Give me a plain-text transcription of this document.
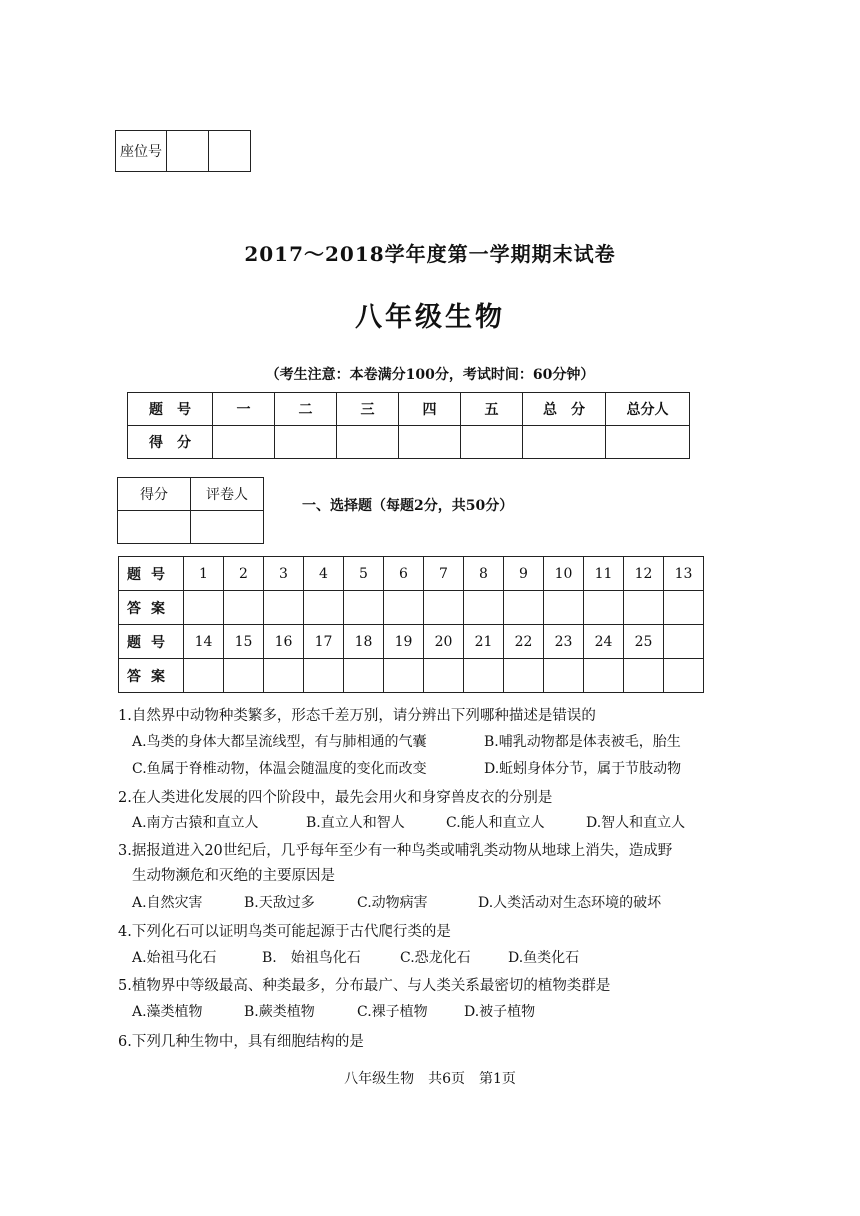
座位号		
2017～2018学年度第一学期期末试卷
八年级生物
（考生注意：本卷满分100分，考试时间：60分钟）
题　号	一	二	三	四	五	总　分	总分人
得　分							
得分	评卷人

一、选择题（每题2分，共50分）
题号	1	2	3	4	5	6	7	8	9	10	11	12	13
答案													
题号	14	15	16	17	18	19	20	21	22	23	24	25	
答案													
1.自然界中动物种类繁多，形态千差万别，请分辨出下列哪种描述是错误的
A.鸟类的身体大都呈流线型，有与肺相通的气囊	B.哺乳动物都是体表被毛，胎生
C.鱼属于脊椎动物，体温会随温度的变化而改变	D.蚯蚓身体分节，属于节肢动物
2.在人类进化发展的四个阶段中，最先会用火和身穿兽皮衣的分别是
A.南方古猿和直立人	B.直立人和智人	C.能人和直立人	D.智人和直立人
3.据报道进入20世纪后，几乎每年至少有一种鸟类或哺乳类动物从地球上消失，造成野
生动物濒危和灭绝的主要原因是
A.自然灾害	B.天敌过多	C.动物病害	D.人类活动对生态环境的破坏
4.下列化石可以证明鸟类可能起源于古代爬行类的是
A.始祖马化石	B.　始祖鸟化石	C.恐龙化石	D.鱼类化石
5.植物界中等级最高、种类最多，分布最广、与人类关系最密切的植物类群是
A.藻类植物	B.蕨类植物	C.裸子植物	D.被子植物
6.下列几种生物中，具有细胞结构的是
八年级生物　共6页　第1页
